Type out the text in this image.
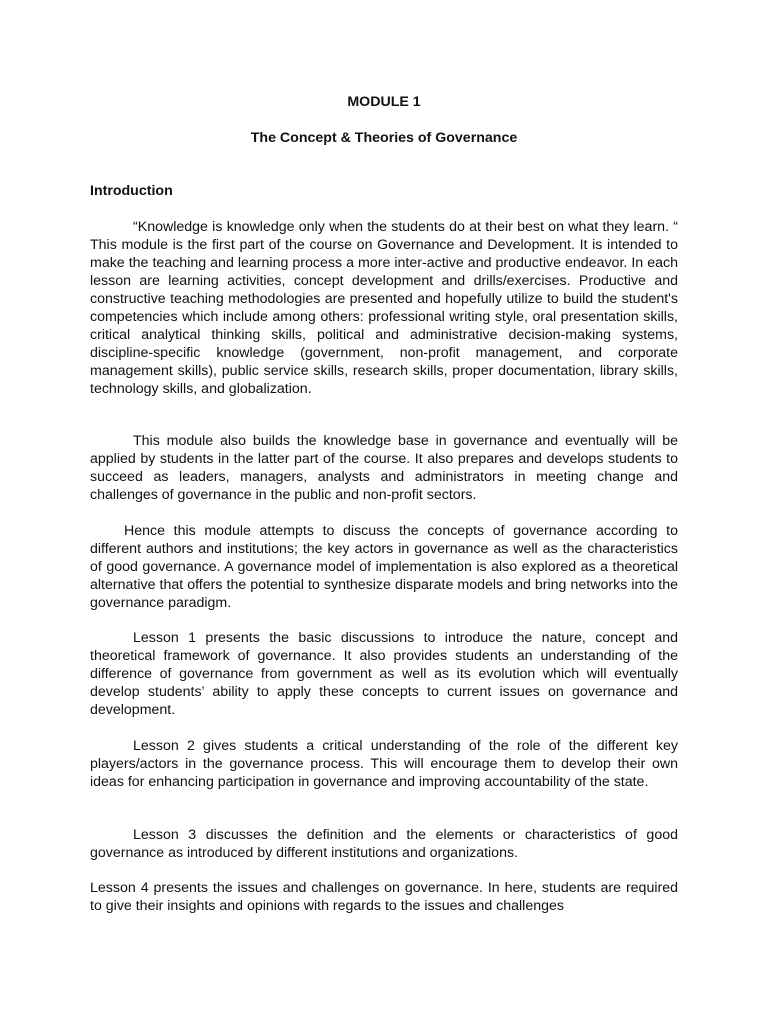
MODULE 1
The Concept & Theories of Governance
Introduction

“Knowledge is knowledge only when the students do at their best on what they learn. “ This module is the first part of the course on Governance and Development. It is intended to make the teaching and learning process a more inter-active and productive endeavor. In each lesson are learning activities, concept development and drills/exercises. Productive and constructive teaching methodologies are presented and hopefully utilize to build the student's competencies which include among others: professional writing style, oral presentation skills, critical analytical thinking skills, political and administrative decision-making systems, discipline-specific knowledge (government, non-profit management, and corporate management skills), public service skills, research skills, proper documentation, library skills, technology skills, and globalization.

This module also builds the knowledge base in governance and eventually will be applied by students in the latter part of the course. It also prepares and develops students to succeed as leaders, managers, analysts and administrators in meeting change and challenges of governance in the public and non-profit sectors.

Hence this module attempts to discuss the concepts of governance according to different authors and institutions; the key actors in governance as well as the characteristics of good governance. A governance model of implementation is also explored as a theoretical alternative that offers the potential to synthesize disparate models and bring networks into the governance paradigm.

Lesson 1 presents the basic discussions to introduce the nature, concept and theoretical framework of governance. It also provides students an understanding of the difference of governance from government as well as its evolution which will eventually develop students’ ability to apply these concepts to current issues on governance and development.

Lesson 2 gives students a critical understanding of the role of the different key players/actors in the governance process. This will encourage them to develop their own ideas for enhancing participation in governance and improving accountability of the state.

Lesson 3 discusses the definition and the elements or characteristics of good governance as introduced by different institutions and organizations.

Lesson 4 presents the issues and challenges on governance. In here, students are required to give their insights and opinions with regards to the issues and challenges
